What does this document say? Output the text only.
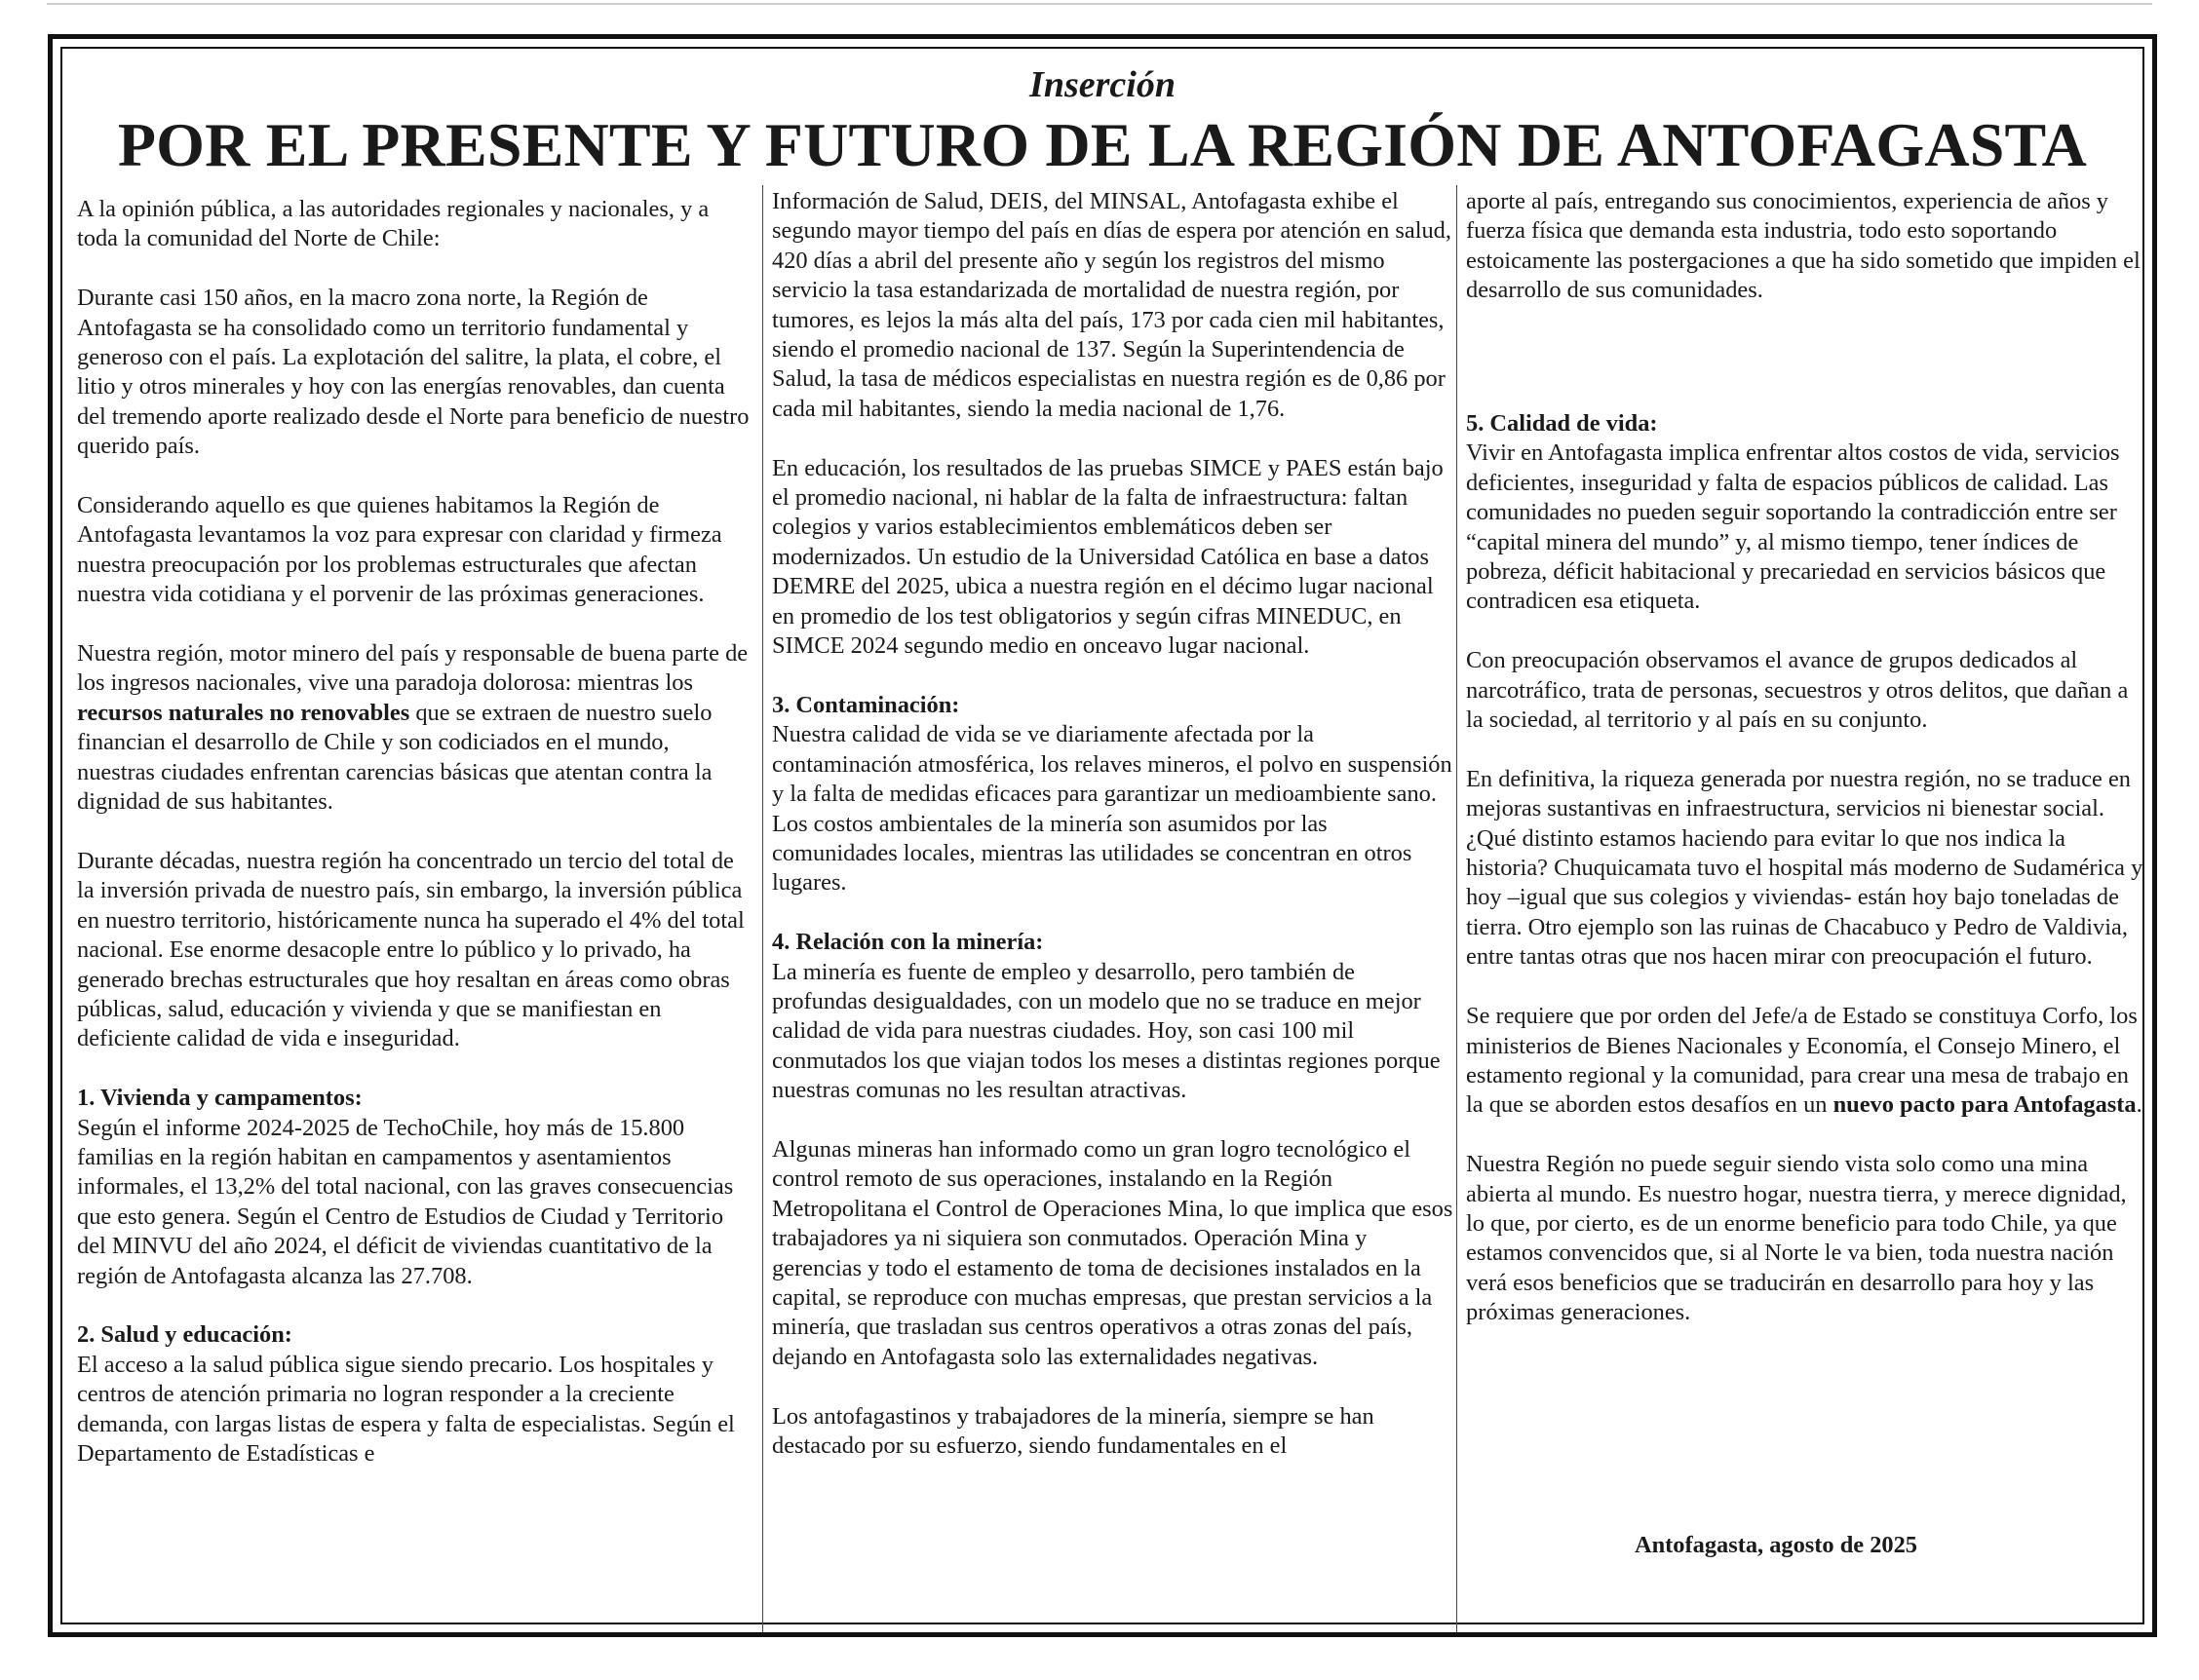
Inserción
POR EL PRESENTE Y FUTURO DE LA REGIÓN DE ANTOFAGASTA

A la opinión pública, a las autoridades regionales y nacionales, y a toda la comunidad del Norte de Chile:

Durante casi 150 años, en la macro zona norte, la Región de Antofagasta se ha consolidado como un territorio fundamental y generoso con el país. La explotación del salitre, la plata, el cobre, el litio y otros minerales y hoy con las energías renovables, dan cuenta del tremendo aporte realizado desde el Norte para beneficio de nuestro querido país.

Considerando aquello es que quienes habitamos la Región de Antofagasta levantamos la voz para expresar con claridad y firmeza nuestra preocupación por los problemas estructurales que afectan nuestra vida cotidiana y el porvenir de las próximas generaciones.

Nuestra región, motor minero del país y responsable de buena parte de los ingresos nacionales, vive una paradoja dolorosa: mientras los recursos naturales no renovables que se extraen de nuestro suelo financian el desarrollo de Chile y son codiciados en el mundo, nuestras ciudades enfrentan carencias básicas que atentan contra la dignidad de sus habitantes.

Durante décadas, nuestra región ha concentrado un tercio del total de la inversión privada de nuestro país, sin embargo, la inversión pública en nuestro territorio, históricamente nunca ha superado el 4% del total nacional. Ese enorme desacople entre lo público y lo privado, ha generado brechas estructurales que hoy resaltan en áreas como obras públicas, salud, educación y vivienda y que se manifiestan en deficiente calidad de vida e inseguridad.

1. Vivienda y campamentos:

Según el informe 2024-2025 de TechoChile, hoy más de 15.800 familias en la región habitan en campamentos y asentamientos informales, el 13,2% del total nacional, con las graves consecuencias que esto genera. Según el Centro de Estudios de Ciudad y Territorio del MINVU del año 2024, el déficit de viviendas cuantitativo de la región de Antofagasta alcanza las 27.708.

2. Salud y educación:

El acceso a la salud pública sigue siendo precario. Los hospitales y centros de atención primaria no logran responder a la creciente demanda, con largas listas de espera y falta de especialistas. Según el Departamento de Estadísticas e

Información de Salud, DEIS, del MINSAL, Antofagasta exhibe el segundo mayor tiempo del país en días de espera por atención en salud, 420 días a abril del presente año y según los registros del mismo servicio la tasa estandarizada de mortalidad de nuestra región, por tumores, es lejos la más alta del país, 173 por cada cien mil habitantes, siendo el promedio nacional de 137. Según la Superintendencia de Salud, la tasa de médicos especialistas en nuestra región es de 0,86 por cada mil habitantes, siendo la media nacional de 1,76.

En educación, los resultados de las pruebas SIMCE y PAES están bajo el promedio nacional, ni hablar de la falta de infraestructura: faltan colegios y varios establecimientos emblemáticos deben ser modernizados. Un estudio de la Universidad Católica en base a datos DEMRE del 2025, ubica a nuestra región en el décimo lugar nacional en promedio de los test obligatorios y según cifras MINEDUC, en SIMCE 2024 segundo medio en onceavo lugar nacional.

3. Contaminación:

Nuestra calidad de vida se ve diariamente afectada por la contaminación atmosférica, los relaves mineros, el polvo en suspensión y la falta de medidas eficaces para garantizar un medioambiente sano. Los costos ambientales de la minería son asumidos por las comunidades locales, mientras las utilidades se concentran en otros lugares.

4. Relación con la minería:

La minería es fuente de empleo y desarrollo, pero también de profundas desigualdades, con un modelo que no se traduce en mejor calidad de vida para nuestras ciudades. Hoy, son casi 100 mil conmutados los que viajan todos los meses a distintas regiones porque nuestras comunas no les resultan atractivas.

Algunas mineras han informado como un gran logro tecnológico el control remoto de sus operaciones, instalando en la Región Metropolitana el Control de Operaciones Mina, lo que implica que esos trabajadores ya ni siquiera son conmutados. Operación Mina y gerencias y todo el estamento de toma de decisiones instalados en la capital, se reproduce con muchas empresas, que prestan servicios a la minería, que trasladan sus centros operativos a otras zonas del país, dejando en Antofagasta solo las externalidades negativas.

Los antofagastinos y trabajadores de la minería, siempre se han destacado por su esfuerzo, siendo fundamentales en el

aporte al país, entregando sus conocimientos, experiencia de años y fuerza física que demanda esta industria, todo esto soportando estoicamente las postergaciones a que ha sido sometido que impiden el desarrollo de sus comunidades.

5. Calidad de vida:

Vivir en Antofagasta implica enfrentar altos costos de vida, servicios deficientes, inseguridad y falta de espacios públicos de calidad. Las comunidades no pueden seguir soportando la contradicción entre ser “capital minera del mundo” y, al mismo tiempo, tener índices de pobreza, déficit habitacional y precariedad en servicios básicos que contradicen esa etiqueta.

Con preocupación observamos el avance de grupos dedicados al narcotráfico, trata de personas, secuestros y otros delitos, que dañan a la sociedad, al territorio y al país en su conjunto.

En definitiva, la riqueza generada por nuestra región, no se traduce en mejoras sustantivas en infraestructura, servicios ni bienestar social. ¿Qué distinto estamos haciendo para evitar lo que nos indica la historia? Chuquicamata tuvo el hospital más moderno de Sudamérica y hoy –igual que sus colegios y viviendas- están hoy bajo toneladas de tierra. Otro ejemplo son las ruinas de Chacabuco y Pedro de Valdivia, entre tantas otras que nos hacen mirar con preocupación el futuro.

Se requiere que por orden del Jefe/a de Estado se constituya Corfo, los ministerios de Bienes Nacionales y Economía, el Consejo Minero, el estamento regional y la comunidad, para crear una mesa de trabajo en la que se aborden estos desafíos en un nuevo pacto para Antofagasta.

Nuestra Región no puede seguir siendo vista solo como una mina abierta al mundo. Es nuestro hogar, nuestra tierra, y merece dignidad, lo que, por cierto, es de un enorme beneficio para todo Chile, ya que estamos convencidos que, si al Norte le va bien, toda nuestra nación verá esos beneficios que se traducirán en desarrollo para hoy y las próximas generaciones.

Antofagasta, agosto de 2025
